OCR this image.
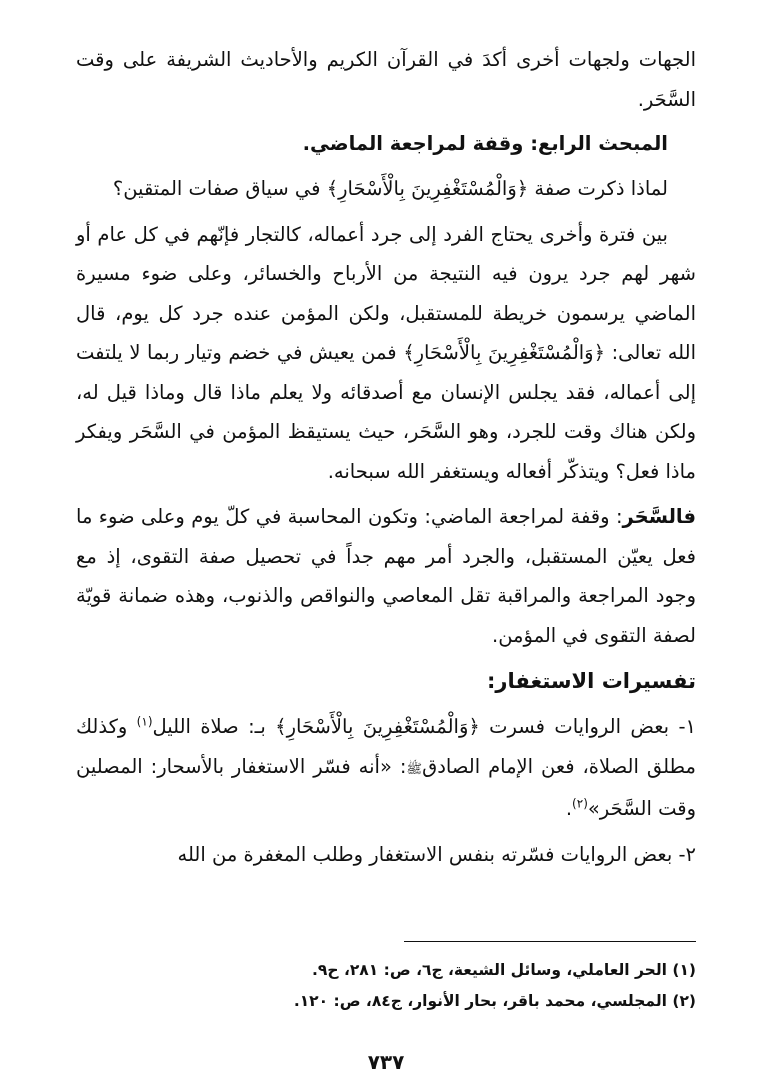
الجهات ولجهات أخرى أكدَ في القرآن الكريم والأحاديث الشريفة على وقت السَّحَر.

المبحث الرابع: وقفة لمراجعة الماضي.

لماذا ذكرت صفة ﴿وَالْمُسْتَغْفِرِينَ بِالْأَسْحَارِ﴾ في سياق صفات المتقين؟

بين فترة وأخرى يحتاج الفرد إلى جرد أعماله، كالتجار فإنّهم في كل عام أو شهر لهم جرد يرون فيه النتيجة من الأرباح والخسائر، وعلى ضوء مسيرة الماضي يرسمون خريطة للمستقبل، ولكن المؤمن عنده جرد كل يوم، قال الله تعالى: ﴿وَالْمُسْتَغْفِرِينَ بِالْأَسْحَارِ﴾ فمن يعيش في خضم وتيار ربما لا يلتفت إلى أعماله، فقد يجلس الإنسان مع أصدقائه ولا يعلم ماذا قال وماذا قيل له، ولكن هناك وقت للجرد، وهو السَّحَر، حيث يستيقظ المؤمن في السَّحَر ويفكر ماذا فعل؟ ويتذكّر أفعاله ويستغفر الله سبحانه.

فالسَّحَر: وقفة لمراجعة الماضي: وتكون المحاسبة في كلّ يوم وعلى ضوء ما فعل يعيّن المستقبل، والجرد أمر مهم جداً في تحصيل صفة التقوى، إذ مع وجود المراجعة والمراقبة تقل المعاصي والنواقص والذنوب، وهذه ضمانة قويّة لصفة التقوى في المؤمن.

تفسيرات الاستغفار:

١- بعض الروايات فسرت ﴿وَالْمُسْتَغْفِرِينَ بِالْأَسْحَارِ﴾ بـ: صلاة الليل$^{(١)}$ وكذلك مطلق الصلاة، فعن الإمام الصادقﷺ: «أنه فسّر الاستغفار بالأسحار: المصلين وقت السَّحَر»$^{(٢)}$.

٢- بعض الروايات فسّرته بنفس الاستغفار وطلب المغفرة من الله

(١) الحر العاملي، وسائل الشيعة، ج٦، ص: ٢٨١، ح٩.
(٢) المجلسي، محمد باقر، بحار الأنوار، ج٨٤، ص: ١٢٠.
٧٣٧
